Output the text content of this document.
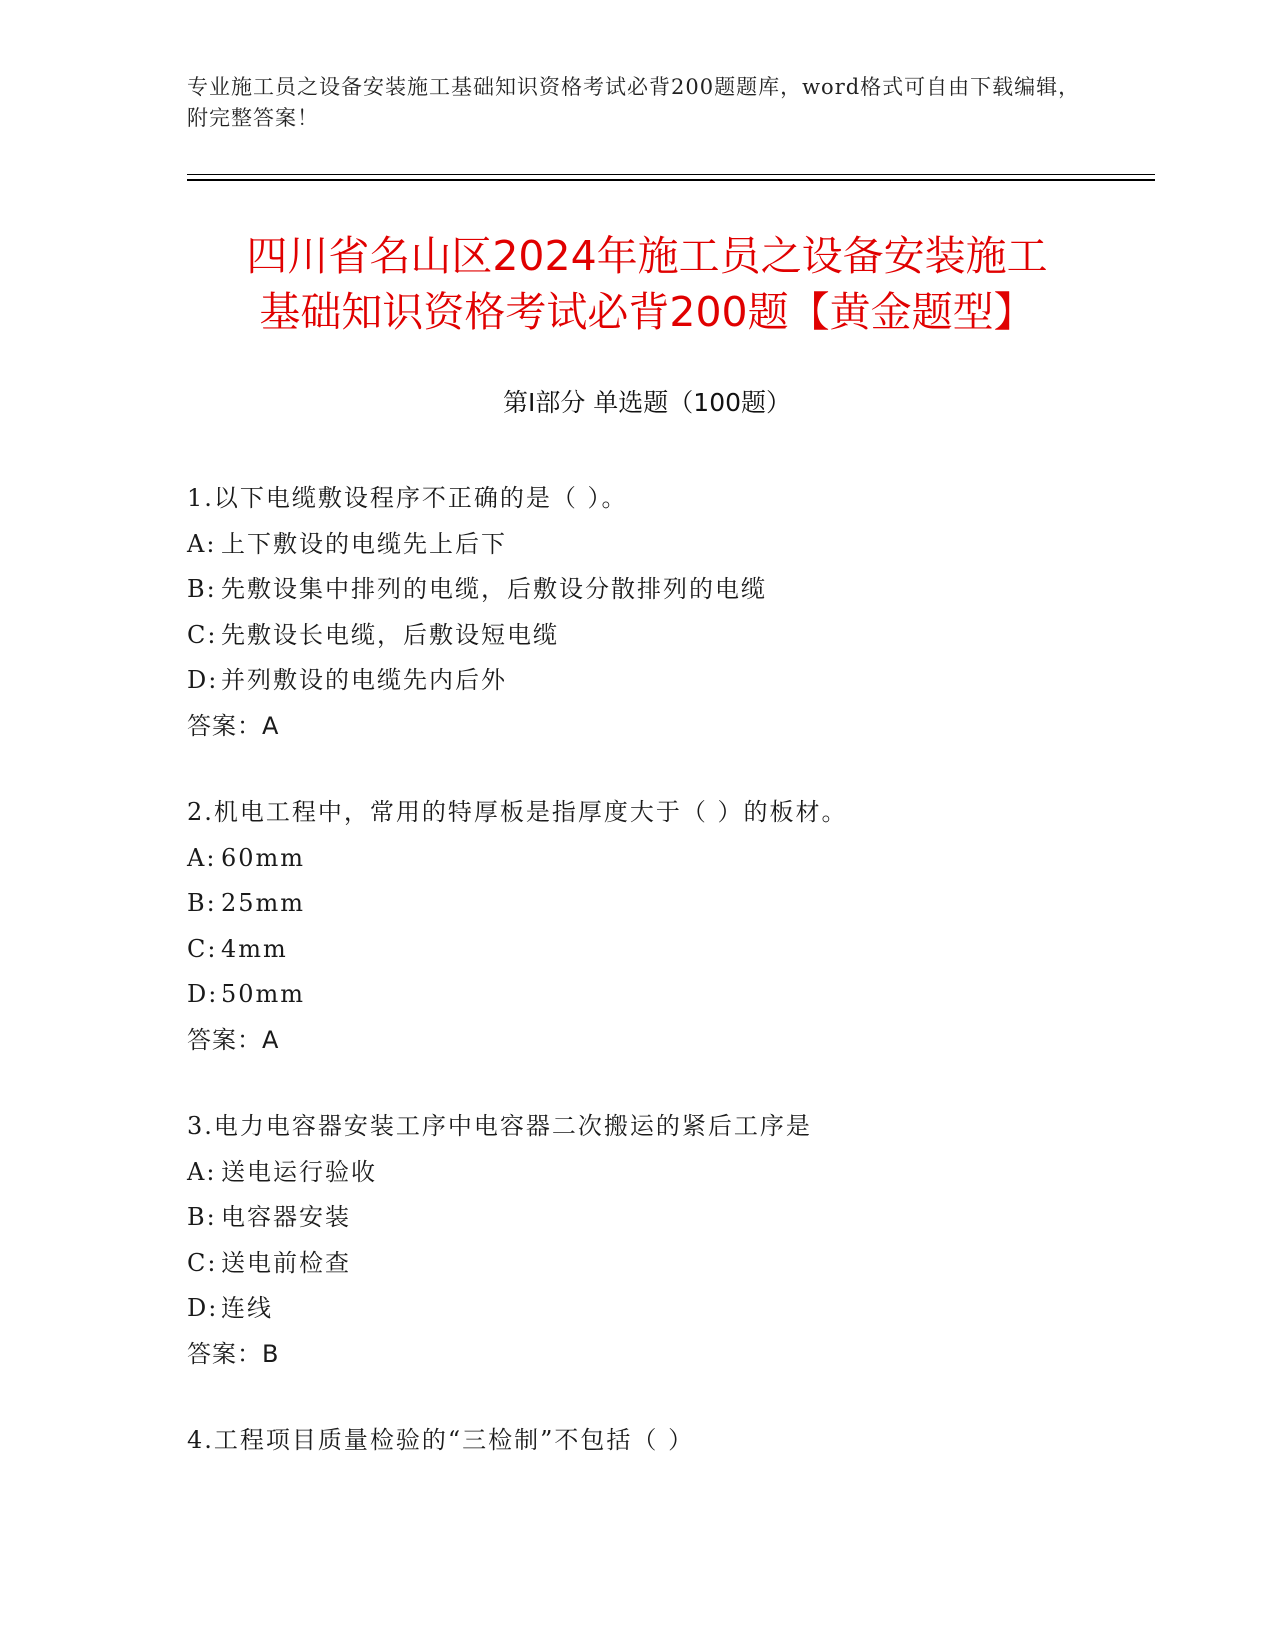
专业施工员之设备安装施工基础知识资格考试必背200题题库，word格式可自由下载编辑，附完整答案！
四川省名山区2024年施工员之设备安装施工
基础知识资格考试必背200题【黄金题型】
第Ⅰ部分 单选题（100题）
1.以下电缆敷设程序不正确的是（ ）。
A: 上下敷设的电缆先上后下
B: 先敷设集中排列的电缆，后敷设分散排列的电缆
C: 先敷设长电缆，后敷设短电缆
D: 并列敷设的电缆先内后外
答案：A
2.机电工程中，常用的特厚板是指厚度大于（ ）的板材。
A: 60mm
B: 25mm
C: 4mm
D: 50mm
答案：A
3.电力电容器安装工序中电容器二次搬运的紧后工序是
A: 送电运行验收
B: 电容器安装
C: 送电前检查
D: 连线
答案：B
4.工程项目质量检验的“三检制”不包括（ ）
